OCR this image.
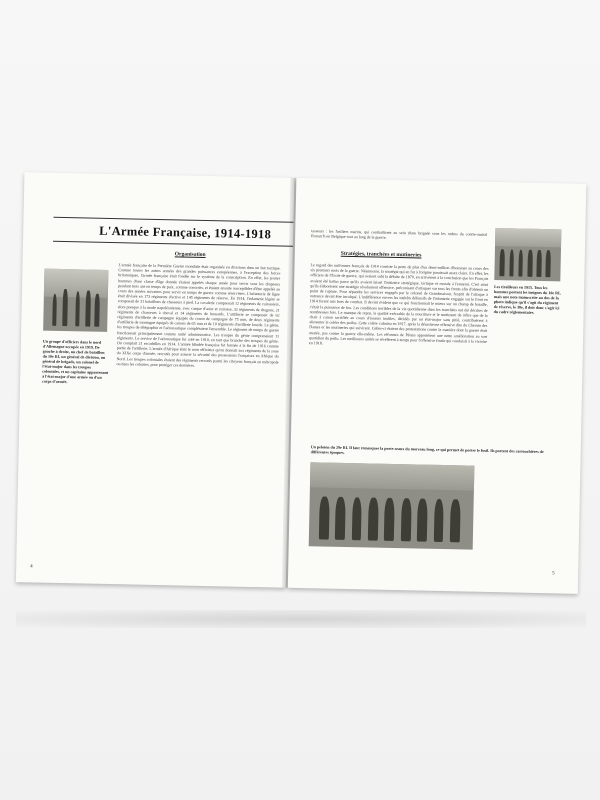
L'Armée Française, 1914-1918
Organisation
Un groupe d'officiers dans le nord d'Allemagne occupée en 1919. De gauche à droite, un chef de bataillon du 10e RI, un général de division, un général de brigade, un colonel de l'état-major dans les troupes coloniales, et un capitaine appartenant à l'état-major d'une armée ou d'un corps d'armée.
L'armée française de la Première Guerre mondiale était organisée en divisions dans un but tactique. Comme toutes les autres armées des grandes puissances européennes, à l'exception des forces britanniques, l'armée française était fondée sur le système de la conscription. En effet, les jeunes hommes d'une classe d'âge donnée étaient appelés chaque année pour servir sous les drapeaux pendant trois ans en temps de paix, comme conscrits, et étaient ensuite susceptibles d'être appelés au cours des années suivantes pour servir en temps de guerre comme réservistes. L'infanterie de ligne était divisée en 173 régiments d'active et 145 régiments de réserve. En 1914, l'infanterie légère se composait de 31 bataillons de chasseurs à pied. La cavalerie comprenait 12 régiments de cuirassiers, alors presque à la mode napoléonienne, avec casque d'acier et cuirasse, 32 régiments de dragons, 21 régiments de chasseurs à cheval et 14 régiments de hussards. L'artillerie se composait de 62 régiments d'artillerie de campagne équipés du canon de campagne de 75 mm, de deux régiments d'artillerie de montagne équipés de canons de 65 mm et de 10 régiments d'artillerie lourde. Le génie, les troupes de télégraphie et l'aéronautique complétaient l'ensemble. Le régiment de temps de guerre fonctionnait principalement comme unité administrative. Les troupes du génie comprenaient 11 régiments. Le service de l'aéronautique fut créé en 1910, en tant que branche des troupes du génie. On comptait 21 escadrilles en 1914. L'armée blindée française fut formée à la fin de 1916 comme partie de l'artillerie. L'armée d'Afrique était le nom officieux qu'on donnait aux régiments de la zone du XIXe corps d'armée, recrutés pour assurer la sécurité des possessions françaises en Afrique du Nord. Les troupes coloniales étaient des régiments recrutés parmi les citoyens français en métropole ou dans les colonies, pour protéger ces dernières.
4
tasseurs : les fusiliers marins, qui combattirent au sein d'une brigade sous les ordres du contre-amiral Ronarc'h en Belgique tout au long de la guerre.
Stratégies, tranchées et mutineries
Le regard des uniformes français de 1914 consiste la perte de plus d'un demi-million d'hommes au cours des six premiers mois de la guerre. Néanmoins, la stratégie qui en fut à l'origine paraissait assez claire. En effet, les officiers de l'École de guerre, qui avaient subi la défaite de 1870, en arrivèrent à la conclusion que les Français avaient été battus parce qu'ils avaient laissé l'initiative stratégique, tactique et morale à l'ennemi. C'est ainsi qu'ils élaborèrent une stratégie résolument offensive, préconisant d'attaquer sur tous les fronts afin d'obtenir un point de rupture. Pour répandre les services engagés par le colonel de Grandmaison, l'esprit de l'attaque à outrance devait être inculqué. L'indifférence envers les intérêts défensifs de l'infanterie engagée sur le front en 1914 furent mis hors de combat. Il devint évident que ce qui fonctionnait le mieux sur un champ de bataille, c'était la puissance de feu. Les conditions terribles de la vie quotidienne dans les tranchées ont été décrites de nombreuses fois. Le manque de repos, la qualité exécrable de la nourriture et le sentiment de n'être que de la chair à canon sacrifiée au cours d'assauts inutiles, décidés par un état-major sans pitié, contribuèrent à alimenter la colère des poilus. Cette colère culmina en 1917, après la désastreuse offensive dite du Chemin des Dames et les mutineries qui suivirent. Celles-ci étaient des protestations contre la manière dont la guerre était menée, pas contre la guerre elle-même. Les réformes de Pétain apportèrent une nette amélioration au sort quotidien du poilu. Les meilleures unités se révélèrent à temps pour l'offensive finale qui conduisit à la victoire en 1918.
Les tirailleurs en 1915. Tous les hommes portent les insignes du 10e RI, mais une note manuscrite au dos de la photo indique qu'il s'agit du régiment de réserve, le 30e, il doit donc s'agir ici du cadre réglementaire.
Un peloton du 29e RI. Il faut remarquer la porte-seaux du morceau long, ce qui permet de porter le fusil. Ils portent des cartouchières de différentes époques.
5
